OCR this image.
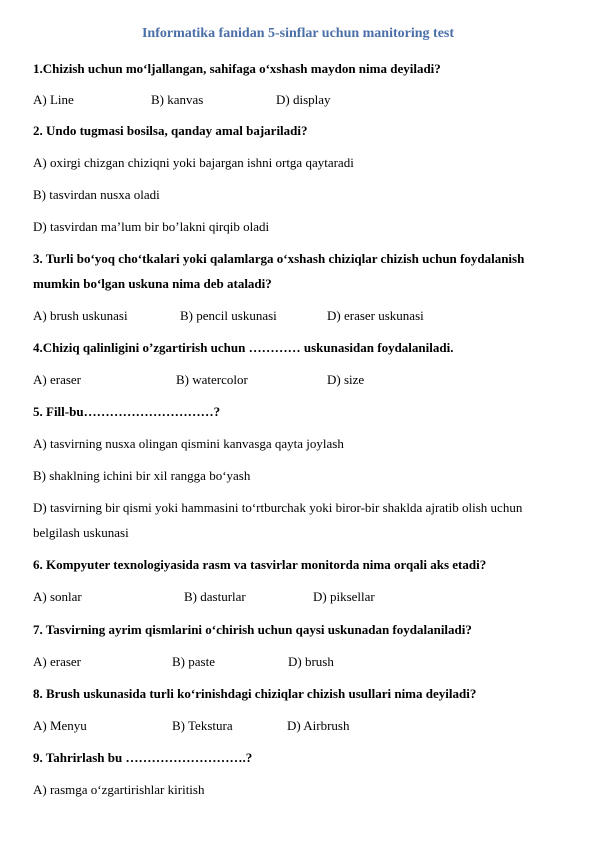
Informatika fanidan 5-sinflar uchun manitoring test
1.Chizish uchun mo‘ljallangan, sahifaga o‘xshash maydon nima deyiladi?
A) Line	B) kanvas	D) display
2. Undo tugmasi bosilsa, qanday amal bajariladi?
A) oxirgi chizgan chiziqni yoki bajargan ishni ortga qaytaradi
B) tasvirdan nusxa oladi
D) tasvirdan ma’lum bir bo’lakni qirqib oladi
3. Turli bo‘yoq cho‘tkalari yoki qalamlarga o‘xshash chiziqlar chizish uchun foydalanish
mumkin bo‘lgan uskuna nima deb ataladi?
A) brush uskunasi	B) pencil uskunasi	D) eraser uskunasi
4.Chiziq qalinligini o’zgartirish uchun ………… uskunasidan foydalaniladi.
A) eraser	B) watercolor	D) size
5. Fill-bu…………………………?
A) tasvirning nusxa olingan qismini kanvasga qayta joylash
B) shaklning ichini bir xil rangga bo‘yash
D) tasvirning bir qismi yoki hammasini to‘rtburchak yoki biror-bir shaklda ajratib olish uchun
belgilash uskunasi
6. Kompyuter texnologiyasida rasm va tasvirlar monitorda nima orqali aks etadi?
A) sonlar	B) dasturlar	D) piksellar
7. Tasvirning ayrim qismlarini o‘chirish uchun qaysi uskunadan foydalaniladi?
A) eraser	B) paste	D) brush
8. Brush uskunasida turli ko‘rinishdagi chiziqlar chizish usullari nima deyiladi?
A) Menyu	B) Tekstura	D) Airbrush
9. Tahrirlash bu ……………………….?
A) rasmga o‘zgartirishlar kiritish
